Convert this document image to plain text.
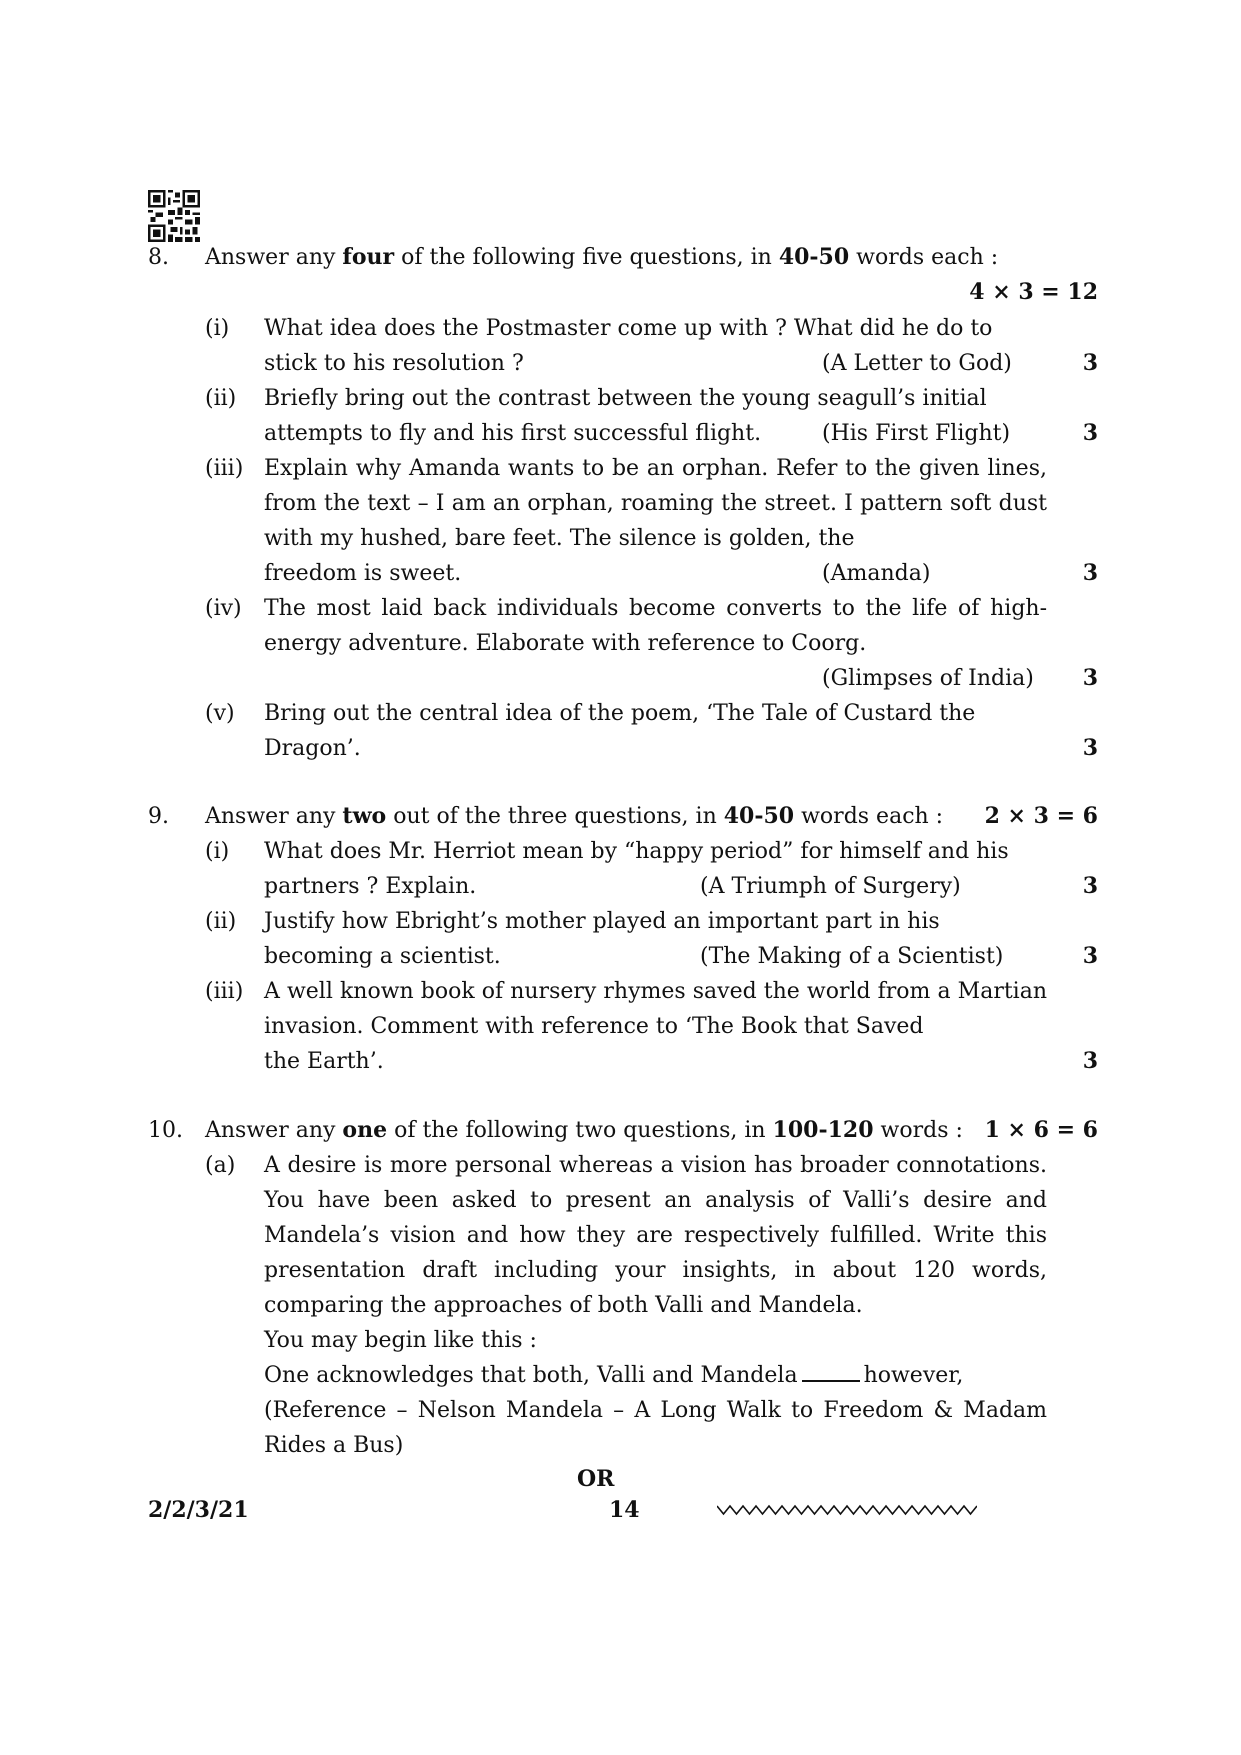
8. Answer any four of the following five questions, in 40-50 words each :
4 × 3 = 12
(i) What idea does the Postmaster come up with ? What did he do to
stick to his resolution ?	(A Letter to God)	3
(ii) Briefly bring out the contrast between the young seagull’s initial
attempts to fly and his first successful flight.	(His First Flight)	3
(iii) Explain why Amanda wants to be an orphan. Refer to the given lines, from the text – I am an orphan, roaming the street. I pattern soft dust with my hushed, bare feet. The silence is golden, the
freedom is sweet.	(Amanda)	3
(iv) The most laid back individuals become converts to the life of high-energy adventure. Elaborate with reference to Coorg.
(Glimpses of India) 3
(v) Bring out the central idea of the poem, ‘The Tale of Custard the
Dragon’.	3
9. Answer any two out of the three questions, in 40-50 words each : 2 × 3 = 6
(i) What does Mr. Herriot mean by “happy period” for himself and his
partners ? Explain.	(A Triumph of Surgery)	3
(ii) Justify how Ebright’s mother played an important part in his
becoming a scientist.	(The Making of a Scientist)	3
(iii) A well known book of nursery rhymes saved the world from a Martian invasion. Comment with reference to ‘The Book that Saved
the Earth’.	3
10. Answer any one of the following two questions, in 100-120 words : 1 × 6 = 6
(a) A desire is more personal whereas a vision has broader connotations. You have been asked to present an analysis of Valli’s desire and Mandela’s vision and how they are respectively fulfilled. Write this presentation draft including your insights, in about 120 words, comparing the approaches of both Valli and Mandela.
You may begin like this :
One acknowledges that both, Valli and Mandela	however,
(Reference – Nelson Mandela – A Long Walk to Freedom & Madam Rides a Bus)
OR
2/2/3/21	14
